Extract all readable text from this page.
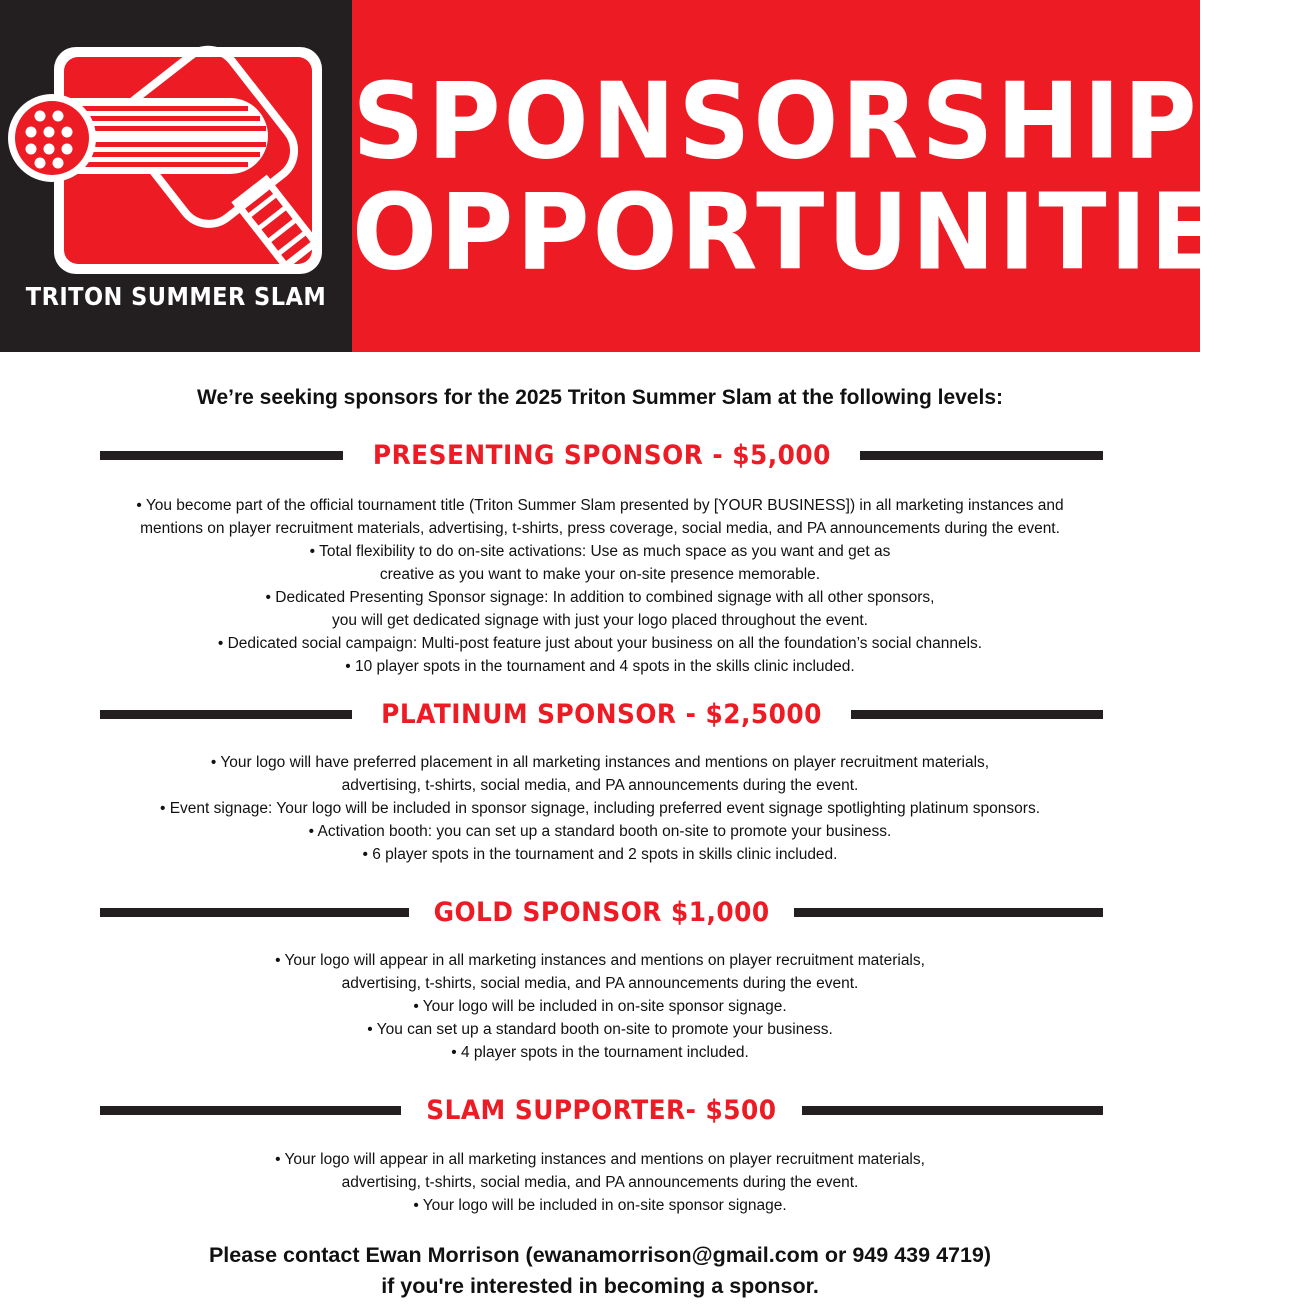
TRITON SUMMER SLAM
SPONSORSHIP
OPPORTUNITIES
We’re seeking sponsors for the 2025 Triton Summer Slam at the following levels:
PRESENTING SPONSOR - $5,000

• You become part of the official tournament title (Triton Summer Slam presented by [YOUR BUSINESS]) in all marketing instances and

mentions on player recruitment materials, advertising, t-shirts, press coverage, social media, and PA announcements during the event.

• Total flexibility to do on-site activations: Use as much space as you want and get as

creative as you want to make your on-site presence memorable.

• Dedicated Presenting Sponsor signage: In addition to combined signage with all other sponsors,

you will get dedicated signage with just your logo placed throughout the event.

• Dedicated social campaign: Multi-post feature just about your business on all the foundation’s social channels.

• 10 player spots in the tournament and 4 spots in the skills clinic included.

PLATINUM SPONSOR - $2,5000

• Your logo will have preferred placement in all marketing instances and mentions on player recruitment materials,

advertising, t-shirts, social media, and PA announcements during the event.

• Event signage: Your logo will be included in sponsor signage, including preferred event signage spotlighting platinum sponsors.

• Activation booth: you can set up a standard booth on-site to promote your business.

• 6 player spots in the tournament and 2 spots in skills clinic included.

GOLD SPONSOR $1,000

• Your logo will appear in all marketing instances and mentions on player recruitment materials,

advertising, t-shirts, social media, and PA announcements during the event.

• Your logo will be included in on-site sponsor signage.

• You can set up a standard booth on-site to promote your business.

• 4 player spots in the tournament included.

SLAM SUPPORTER- $500

• Your logo will appear in all marketing instances and mentions on player recruitment materials,

advertising, t-shirts, social media, and PA announcements during the event.

• Your logo will be included in on-site sponsor signage.

Please contact Ewan Morrison (ewanamorrison@gmail.com or 949 439 4719)

if you're interested in becoming a sponsor.
